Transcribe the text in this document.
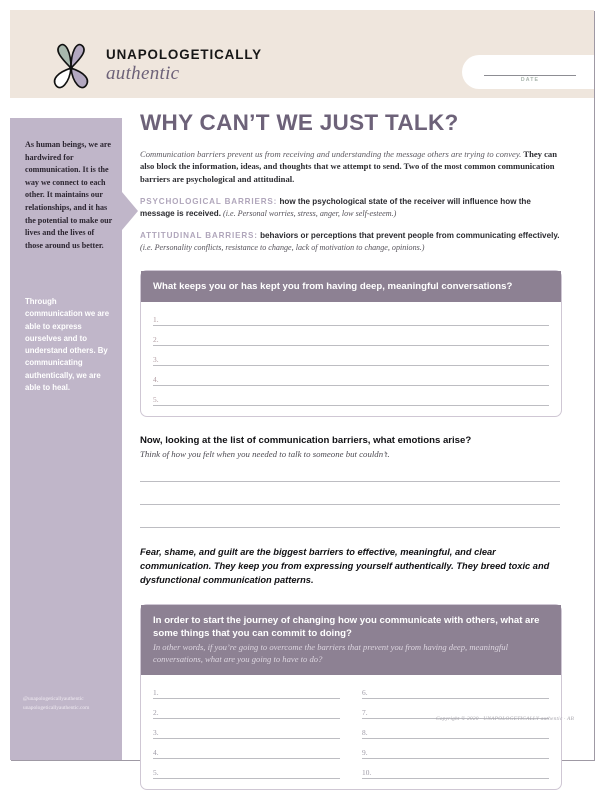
DATE
UNAPOLOGETICALLY
authentic
As human beings, we are hardwired for communication. It is the way we connect to each other. It maintains our relationships, and it has the potential to make our lives and the lives of those around us better.
Through communication we are able to express ourselves and to understand others. By communicating authentically, we are able to heal.
@unapologeticallyauthentic
unapologeticallyauthentic.com
WHY CAN’T WE JUST TALK?
Communication barriers prevent us from receiving and understanding the message others are trying to convey. They can also block the information, ideas, and thoughts that we attempt to send. Two of the most common communication barriers are psychological and attitudinal.
PSYCHOLOGICAL BARRIERS: how the psychological state of the receiver will influence how the message is received. (i.e. Personal worries, stress, anger, low self-esteem.)
ATTITUDINAL BARRIERS: behaviors or perceptions that prevent people from communicating effectively. (i.e. Personality conflicts, resistance to change, lack of motivation to change, opinions.)
What keeps you or has kept you from having deep, meaningful conversations?
1.
2.
3.
4.
5.
Now, looking at the list of communication barriers, what emotions arise?
Think of how you felt when you needed to talk to someone but couldn’t.
Fear, shame, and guilt are the biggest barriers to effective, meaningful, and clear communication. They keep you from expressing yourself authentically. They breed toxic and dysfunctional communication patterns.
In order to start the journey of changing how you communicate with others, what are some things that you can commit to doing?
In other words, if you’re going to overcome the barriers that prevent you from having deep, meaningful conversations, what are you going to have to do?
1.
2.
3.
4.
5.
6.
7.
8.
9.
10.
Copyright © 2020 · UNAPOLOGETICALLY authentic · AB
